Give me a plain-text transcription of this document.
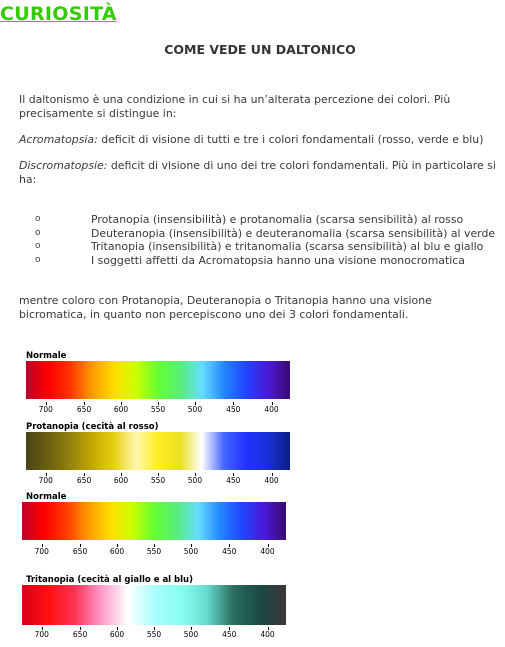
CURIOSITÀ
COME VEDE UN DALTONICO
Il daltonismo è una condizione in cui si ha un’alterata percezione dei colori. Più precisamente si distingue in:
Acromatopsia: deficit di visione di tutti e tre i colori fondamentali (rosso, verde e blu)
Discromatopsie: deficit di visione di uno dei tre colori fondamentali. Più in particolare si ha:
o	Protanopia (insensibilità) e protanomalia (scarsa sensibilità) al rosso
o	Deuteranopia (insensibilità) e deuteranomalia (scarsa sensibilità) al verde
o	Tritanopia (insensibilità) e tritanomalia (scarsa sensibilità) al blu e giallo
o	I soggetti affetti da Acromatopsia hanno una visione monocromatica
mentre coloro con Protanopia, Deuteranopia o Tritanopia hanno una visione bicromatica, in quanto non percepiscono uno dei 3 colori fondamentali.
Normale
700	650	600	550	500	450	400
Protanopia (cecità al rosso)
700	650	600	550	500	450	400
Normale
700	650	600	550	500	450	400
Tritanopia (cecità al giallo e al blu)
700	650	600	550	500	450	400
